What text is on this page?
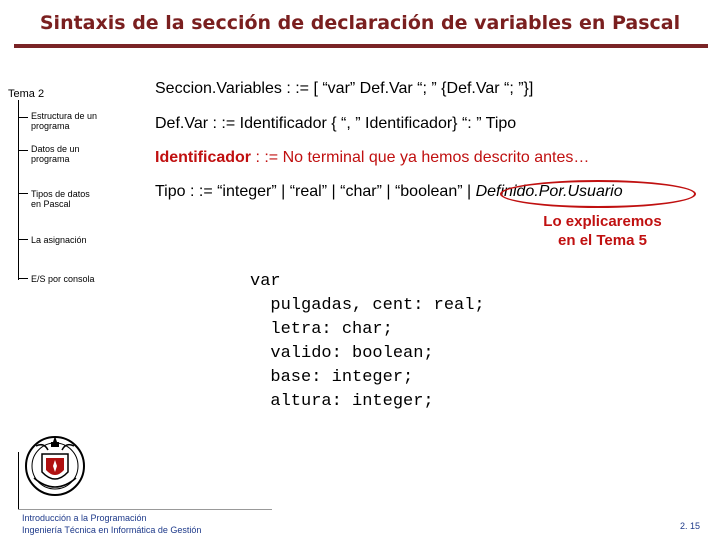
Sintaxis de la sección de declaración de variables en Pascal
Tema 2
Estructura de un programa
Datos de un programa
Tipos de datos en Pascal
La asignación
E/S por consola
Seccion.Variables : := [ “var” Def.Var “; ” {Def.Var “; ”}]
Def.Var : := Identificador { “, ” Identificador} “: ” Tipo
Identificador : := No terminal que ya hemos descrito antes…
Tipo : := “integer” | “real” | “char” | “boolean” | Definido.Por.Usuario
Lo explicaremos
en el Tema 5
var
pulgadas, cent: real;
letra: char;
valido: boolean;
base: integer;
altura: integer;
Introducción a la Programación
Ingeniería Técnica en Informática de Gestión	2. 15
